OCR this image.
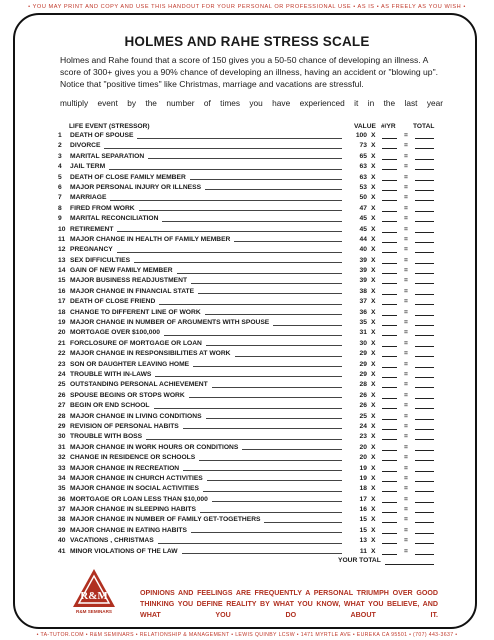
• YOU MAY PRINT AND COPY AND USE THIS HANDOUT FOR YOUR PERSONAL OR PROFESSIONAL USE • AS IS • AS FREELY AS YOU WISH •
HOLMES AND RAHE STRESS SCALE
Holmes and Rahe found that a score of 150 gives you a 50-50 chance of developing an illness. A score of 300+ gives you a 90% chance of developing an illness, having an accident or "blowing up". Notice that "positive times" like Christmas, marriage and vacations are stressful.
multiply event by the number of times you have experienced it in the last year
LIFE EVENT (STRESSOR)	VALUE #/YR	TOTAL
1	DEATH OF SPOUSE	100 X	=
2	DIVORCE	73 X	=
3	MARITAL SEPARATION	65 X	=
4	JAIL TERM	63 X	=
5	DEATH OF CLOSE FAMILY MEMBER	63 X	=
6	MAJOR PERSONAL INJURY OR ILLNESS	53 X	=
7	MARRIAGE	50 X	=
8	FIRED FROM WORK	47 X	=
9	MARITAL RECONCILIATION	45 X	=
10 RETIREMENT	45 X	=
11 MAJOR CHANGE IN HEALTH OF FAMILY MEMBER	44 X	=
12 PREGNANCY	40 X	=
13 SEX DIFFICULTIES	39 X	=
14 GAIN OF NEW FAMILY MEMBER	39 X	=
15 MAJOR BUSINESS READJUSTMENT	39 X	=
16 MAJOR CHANGE IN FINANCIAL STATE	38 X	=
17 DEATH OF CLOSE FRIEND	37 X	=
18 CHANGE TO DIFFERENT LINE OF WORK	36 X	=
19 MAJOR CHANGE IN NUMBER OF ARGUMENTS WITH SPOUSE	35 X	=
20 MORTGAGE OVER $100,000	31 X	=
21 FORCLOSURE OF MORTGAGE OR LOAN	30 X	=
22 MAJOR CHANGE IN RESPONSIBILITIES AT WORK	29 X	=
23 SON OR DAUGHTER LEAVING HOME	29 X	=
24 TROUBLE WITH IN-LAWS	29 X	=
25 OUTSTANDING PERSONAL ACHIEVEMENT	28 X	=
26 SPOUSE BEGINS OR STOPS WORK	26 X	=
27 BEGIN OR END SCHOOL	26 X	=
28 MAJOR CHANGE IN LIVING CONDITIONS	25 X	=
29 REVISION OF PERSONAL HABITS	24 X	=
30 TROUBLE WITH BOSS	23 X	=
31 MAJOR CHANGE IN WORK HOURS OR CONDITIONS	20 X	=
32 CHANGE IN RESIDENCE OR SCHOOLS	20 X	=
33 MAJOR CHANGE IN RECREATION	19 X	=
34 MAJOR CHANGE IN CHURCH ACTIVITIES	19 X	=
35 MAJOR CHANGE IN SOCIAL ACTIVITIES	18 X	=
36 MORTGAGE OR LOAN LESS THAN $10,000	17 X	=
37 MAJOR CHANGE IN SLEEPING HABITS	16 X	=
38 MAJOR CHANGE IN NUMBER OF FAMILY GET-TOGETHERS	15 X	=
39 MAJOR CHANGE IN EATING HABITS	15 X	=
40 VACATIONS , CHRISTMAS	13 X	=
41 MINOR VIOLATIONS OF THE LAW	11 X	=
YOUR TOTAL
R&M
R&M SEMINARS
OPINIONS AND FEELINGS ARE FREQUENTLY A PERSONAL TRIUMPH OVER GOOD THINKING YOU DEFINE REALITY BY WHAT YOU KNOW, WHAT YOU BELIEVE, AND WHAT YOU DO ABOUT IT.
• TA-TUTOR.COM • R&M SEMINARS • RELATIONSHIP & MANAGEMENT • LEWIS QUINBY LCSW • 1471 MYRTLE AVE • EUREKA CA 95501 • (707) 443-3637 •
